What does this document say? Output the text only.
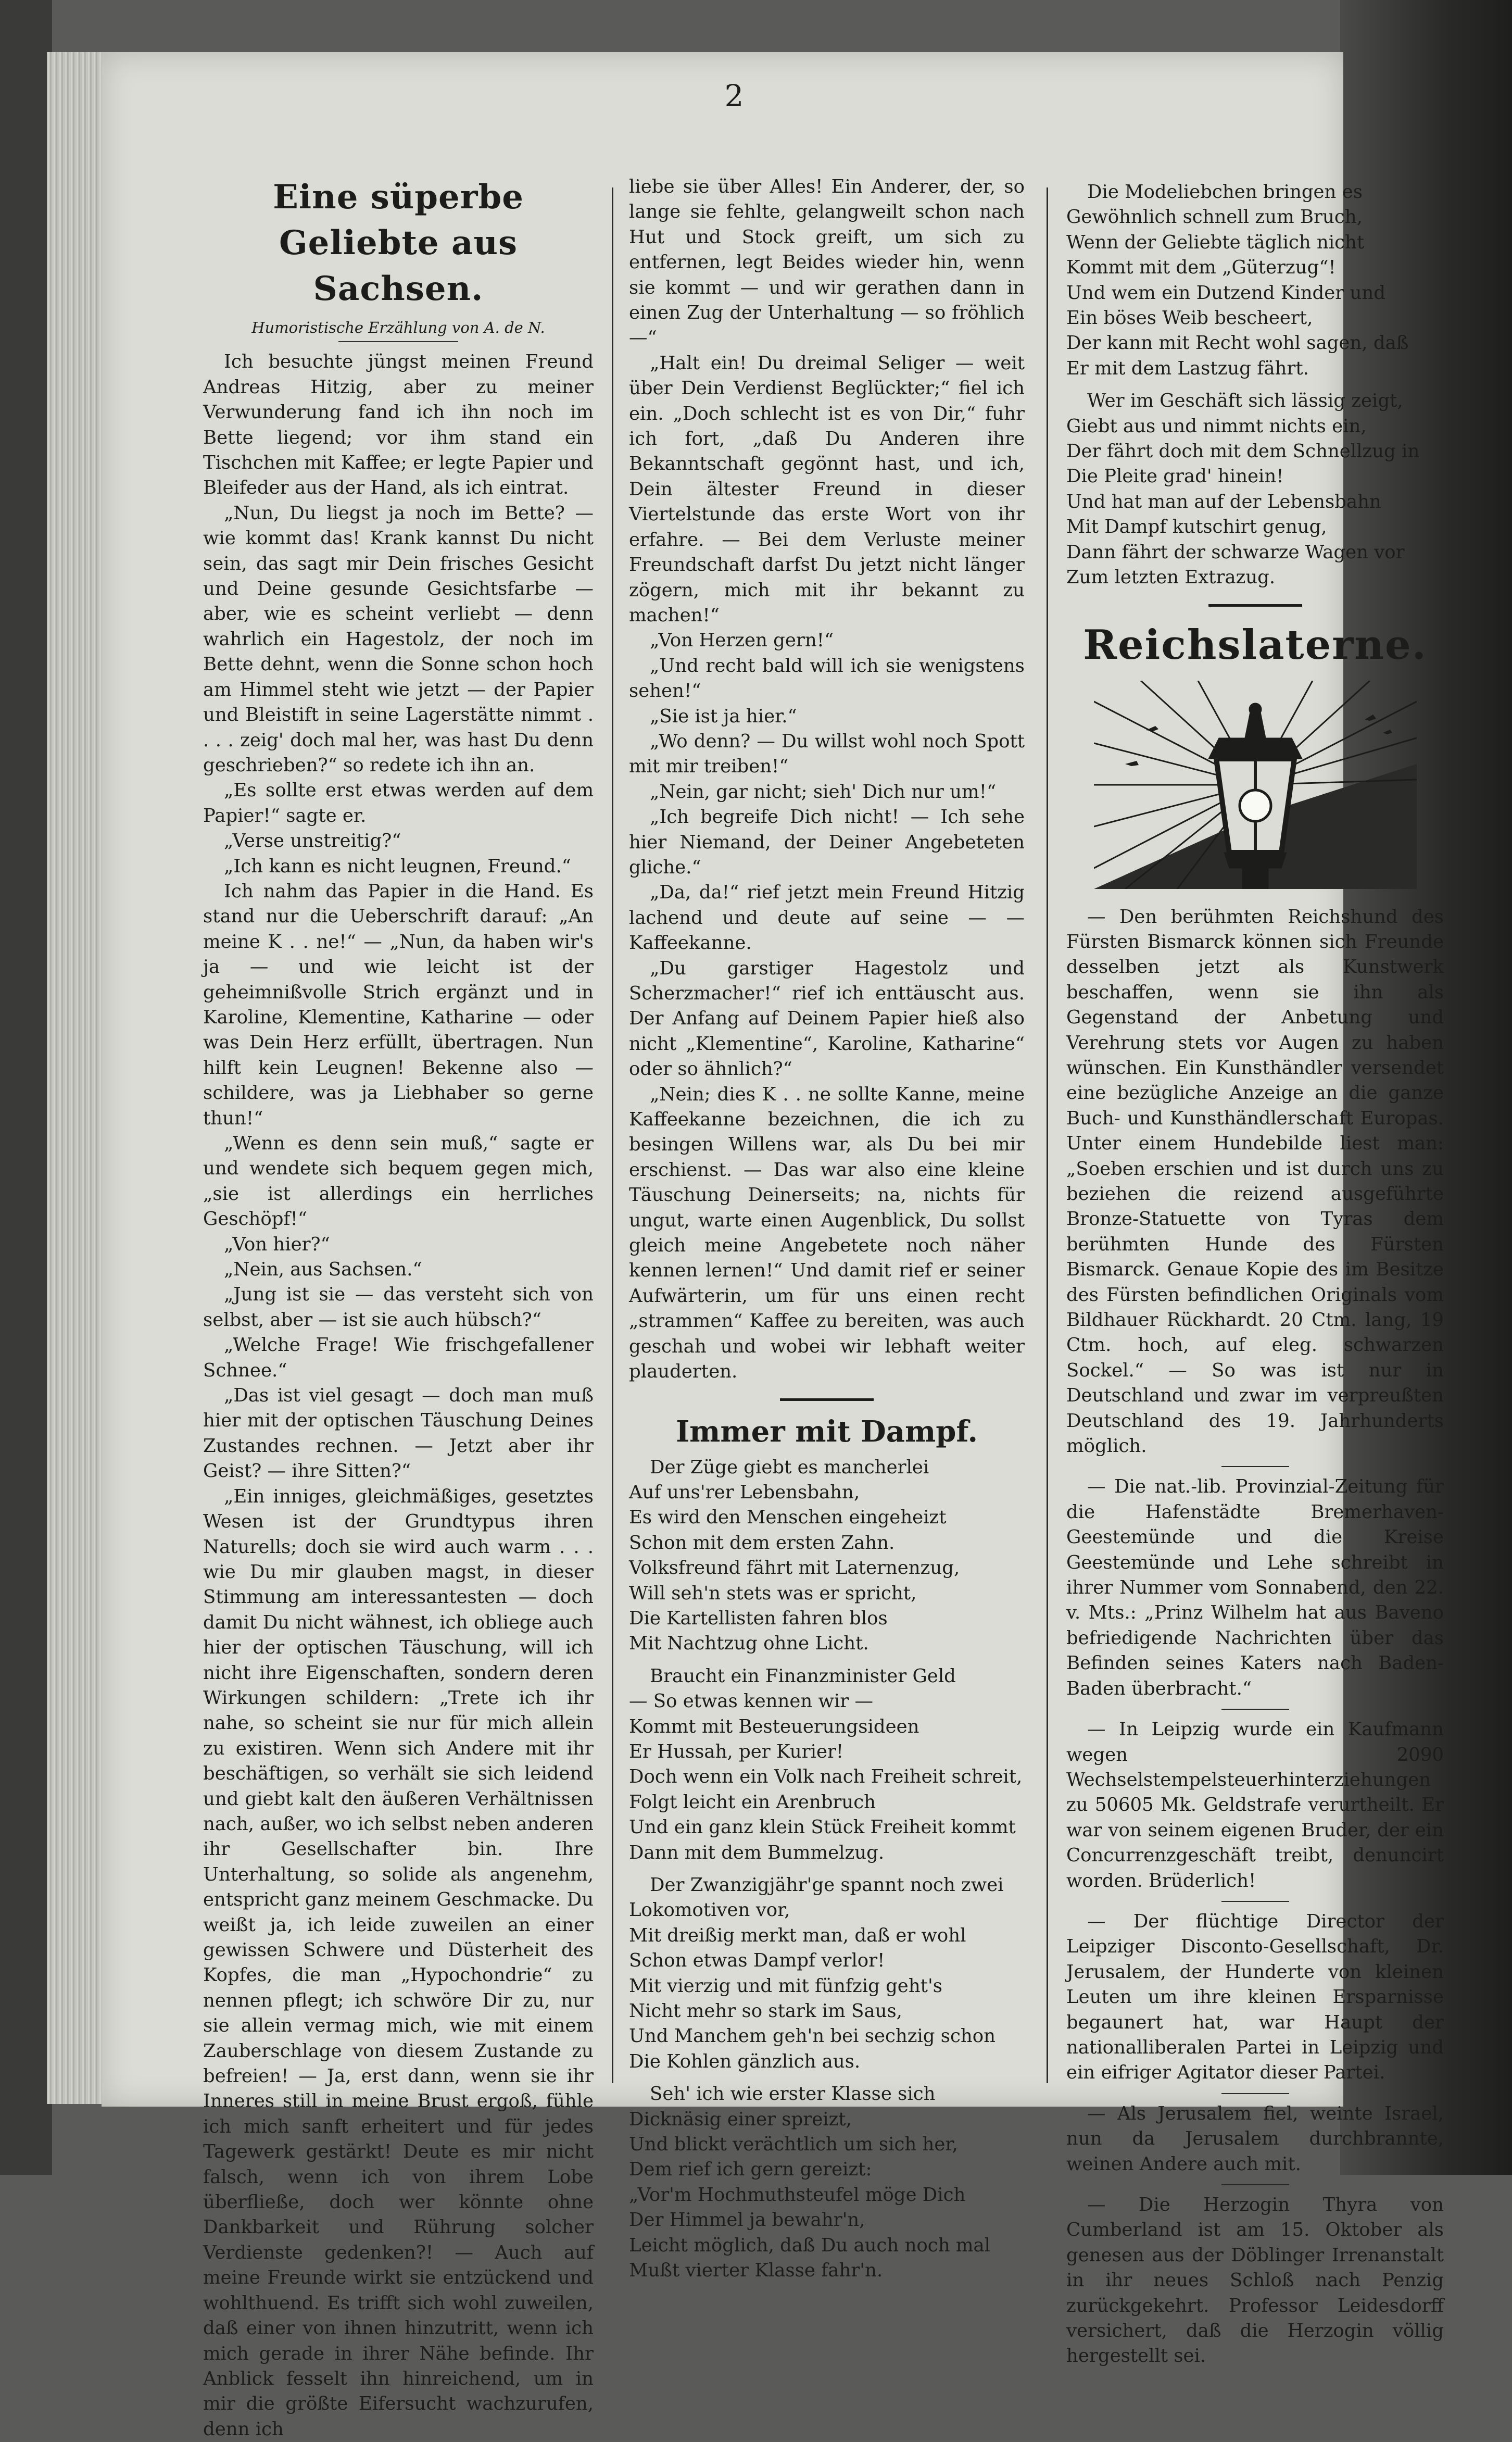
2
Eine süperbe Geliebte aus Sachsen.
Humoristische Erzählung von A. de N.

Ich besuchte jüngst meinen Freund Andreas Hitzig, aber zu meiner Verwunderung fand ich ihn noch im Bette liegend; vor ihm stand ein Tischchen mit Kaffee; er legte Papier und Bleifeder aus der Hand, als ich eintrat.

„Nun, Du liegst ja noch im Bette? — wie kommt das! Krank kannst Du nicht sein, das sagt mir Dein frisches Gesicht und Deine gesunde Gesichtsfarbe — aber, wie es scheint verliebt — denn wahrlich ein Hagestolz, der noch im Bette dehnt, wenn die Sonne schon hoch am Himmel steht wie jetzt — der Papier und Bleistift in seine Lagerstätte nimmt . . . . zeig' doch mal her, was hast Du denn geschrieben?“ so redete ich ihn an.

„Es sollte erst etwas werden auf dem Papier!“ sagte er.

„Verse unstreitig?“

„Ich kann es nicht leugnen, Freund.“

Ich nahm das Papier in die Hand. Es stand nur die Ueberschrift darauf: „An meine K . . ne!“ — „Nun, da haben wir's ja — und wie leicht ist der geheimnißvolle Strich ergänzt und in Karoline, Klementine, Katharine — oder was Dein Herz erfüllt, übertragen. Nun hilft kein Leugnen! Bekenne also — schildere, was ja Liebhaber so gerne thun!“

„Wenn es denn sein muß,“ sagte er und wendete sich bequem gegen mich, „sie ist allerdings ein herrliches Geschöpf!“

„Von hier?“

„Nein, aus Sachsen.“

„Jung ist sie — das versteht sich von selbst, aber — ist sie auch hübsch?“

„Welche Frage! Wie frischgefallener Schnee.“

„Das ist viel gesagt — doch man muß hier mit der optischen Täuschung Deines Zustandes rechnen. — Jetzt aber ihr Geist? — ihre Sitten?“

„Ein inniges, gleichmäßiges, gesetztes Wesen ist der Grundtypus ihren Naturells; doch sie wird auch warm . . . wie Du mir glauben magst, in dieser Stimmung am interessantesten — doch damit Du nicht wähnest, ich obliege auch hier der optischen Täuschung, will ich nicht ihre Eigenschaften, sondern deren Wirkungen schildern: „Trete ich ihr nahe, so scheint sie nur für mich allein zu existiren. Wenn sich Andere mit ihr beschäftigen, so verhält sie sich leidend und giebt kalt den äußeren Verhältnissen nach, außer, wo ich selbst neben anderen ihr Gesellschafter bin. Ihre Unterhaltung, so solide als angenehm, entspricht ganz meinem Geschmacke. Du weißt ja, ich leide zuweilen an einer gewissen Schwere und Düsterheit des Kopfes, die man „Hypochondrie“ zu nennen pflegt; ich schwöre Dir zu, nur sie allein vermag mich, wie mit einem Zauberschlage von diesem Zustande zu befreien! — Ja, erst dann, wenn sie ihr Inneres still in meine Brust ergoß, fühle ich mich sanft erheitert und für jedes Tagewerk gestärkt! Deute es mir nicht falsch, wenn ich von ihrem Lobe überfließe, doch wer könnte ohne Dankbarkeit und Rührung solcher Verdienste gedenken?! — Auch auf meine Freunde wirkt sie entzückend und wohlthuend. Es trifft sich wohl zuweilen, daß einer von ihnen hinzutritt, wenn ich mich gerade in ihrer Nähe befinde. Ihr Anblick fesselt ihn hinreichend, um in mir die größte Eifersucht wachzurufen, denn ich

liebe sie über Alles! Ein Anderer, der, so lange sie fehlte, gelangweilt schon nach Hut und Stock greift, um sich zu entfernen, legt Beides wieder hin, wenn sie kommt — und wir gerathen dann in einen Zug der Unterhaltung — so fröhlich —“

„Halt ein! Du dreimal Seliger — weit über Dein Verdienst Beglückter;“ fiel ich ein. „Doch schlecht ist es von Dir,“ fuhr ich fort, „daß Du Anderen ihre Bekanntschaft gegönnt hast, und ich, Dein ältester Freund in dieser Viertelstunde das erste Wort von ihr erfahre. — Bei dem Verluste meiner Freundschaft darfst Du jetzt nicht länger zögern, mich mit ihr bekannt zu machen!“

„Von Herzen gern!“

„Und recht bald will ich sie wenigstens sehen!“

„Sie ist ja hier.“

„Wo denn? — Du willst wohl noch Spott mit mir treiben!“

„Nein, gar nicht; sieh' Dich nur um!“

„Ich begreife Dich nicht! — Ich sehe hier Niemand, der Deiner Angebeteten gliche.“

„Da, da!“ rief jetzt mein Freund Hitzig lachend und deute auf seine — — Kaffeekanne.

„Du garstiger Hagestolz und Scherzmacher!“ rief ich enttäuscht aus. Der Anfang auf Deinem Papier hieß also nicht „Klementine“, Karoline, Katharine“ oder so ähnlich?“

„Nein; dies K . . ne sollte Kanne, meine Kaffeekanne bezeichnen, die ich zu besingen Willens war, als Du bei mir erschienst. — Das war also eine kleine Täuschung Deinerseits; na, nichts für ungut, warte einen Augenblick, Du sollst gleich meine Angebetete noch näher kennen lernen!“ Und damit rief er seiner Aufwärterin, um für uns einen recht „strammen“ Kaffee zu bereiten, was auch geschah und wobei wir lebhaft weiter plauderten.

Immer mit Dampf.
Der Züge giebt es mancherlei
Auf uns'rer Lebensbahn,
Es wird den Menschen eingeheizt
Schon mit dem ersten Zahn.
Volksfreund fährt mit Laternenzug,
Will seh'n stets was er spricht,
Die Kartellisten fahren blos
Mit Nachtzug ohne Licht.
Braucht ein Finanzminister Geld
— So etwas kennen wir —
Kommt mit Besteuerungsideen
Er Hussah, per Kurier!
Doch wenn ein Volk nach Freiheit schreit,
Folgt leicht ein Arenbruch
Und ein ganz klein Stück Freiheit kommt
Dann mit dem Bummelzug.
Der Zwanzigjähr'ge spannt noch zwei
Lokomotiven vor,
Mit dreißig merkt man, daß er wohl
Schon etwas Dampf verlor!
Mit vierzig und mit fünfzig geht's
Nicht mehr so stark im Saus,
Und Manchem geh'n bei sechzig schon
Die Kohlen gänzlich aus.
Seh' ich wie erster Klasse sich
Dicknäsig einer spreizt,
Und blickt verächtlich um sich her,
Dem rief ich gern gereizt:
„Vor'm Hochmuthsteufel möge Dich
Der Himmel ja bewahr'n,
Leicht möglich, daß Du auch noch mal
Mußt vierter Klasse fahr'n.
Die Modeliebchen bringen es
Gewöhnlich schnell zum Bruch,
Wenn der Geliebte täglich nicht
Kommt mit dem „Güterzug“!
Und wem ein Dutzend Kinder und
Ein böses Weib bescheert,
Der kann mit Recht wohl sagen, daß
Er mit dem Lastzug fährt.
Wer im Geschäft sich lässig zeigt,
Giebt aus und nimmt nichts ein,
Der fährt doch mit dem Schnellzug in
Die Pleite grad' hinein!
Und hat man auf der Lebensbahn
Mit Dampf kutschirt genug,
Dann fährt der schwarze Wagen vor
Zum letzten Extrazug.
Reichslaterne.

— Den berühmten Reichshund des Fürsten Bismarck können sich Freunde desselben jetzt als Kunstwerk beschaffen, wenn sie ihn als Gegenstand der Anbetung und Verehrung stets vor Augen zu haben wünschen. Ein Kunsthändler versendet eine bezügliche Anzeige an die ganze Buch- und Kunsthändlerschaft Europas. Unter einem Hundebilde liest man: „Soeben erschien und ist durch uns zu beziehen die reizend ausgeführte Bronze-Statuette von Tyras dem berühmten Hunde des Fürsten Bismarck. Genaue Kopie des im Besitze des Fürsten befindlichen Originals vom Bildhauer Rückhardt. 20 Ctm. lang, 19 Ctm. hoch, auf eleg. schwarzen Sockel.“ — So was ist nur in Deutschland und zwar im verpreußten Deutschland des 19. Jahrhunderts möglich.

— Die nat.-lib. Provinzial-Zeitung für die Hafenstädte Bremerhaven-Geestemünde und die Kreise Geestemünde und Lehe schreibt in ihrer Nummer vom Sonnabend, den 22. v. Mts.: „Prinz Wilhelm hat aus Baveno befriedigende Nachrichten über das Befinden seines Katers nach Baden-Baden überbracht.“

— In Leipzig wurde ein Kaufmann wegen 2090 Wechselstempelsteuerhinterziehungen zu 50605 Mk. Geldstrafe verurtheilt. Er war von seinem eigenen Bruder, der ein Concurrenzgeschäft treibt, denuncirt worden. Brüderlich!

— Der flüchtige Director der Leipziger Disconto-Gesellschaft, Dr. Jerusalem, der Hunderte von kleinen Leuten um ihre kleinen Ersparnisse begaunert hat, war Haupt der nationalliberalen Partei in Leipzig und ein eifriger Agitator dieser Partei.

— Als Jerusalem fiel, weinte Israel, nun da Jerusalem durchbrannte, weinen Andere auch mit.

— Die Herzogin Thyra von Cumberland ist am 15. Oktober als genesen aus der Döblinger Irrenanstalt in ihr neues Schloß nach Penzig zurückgekehrt. Professor Leidesdorff versichert, daß die Herzogin völlig hergestellt sei.
